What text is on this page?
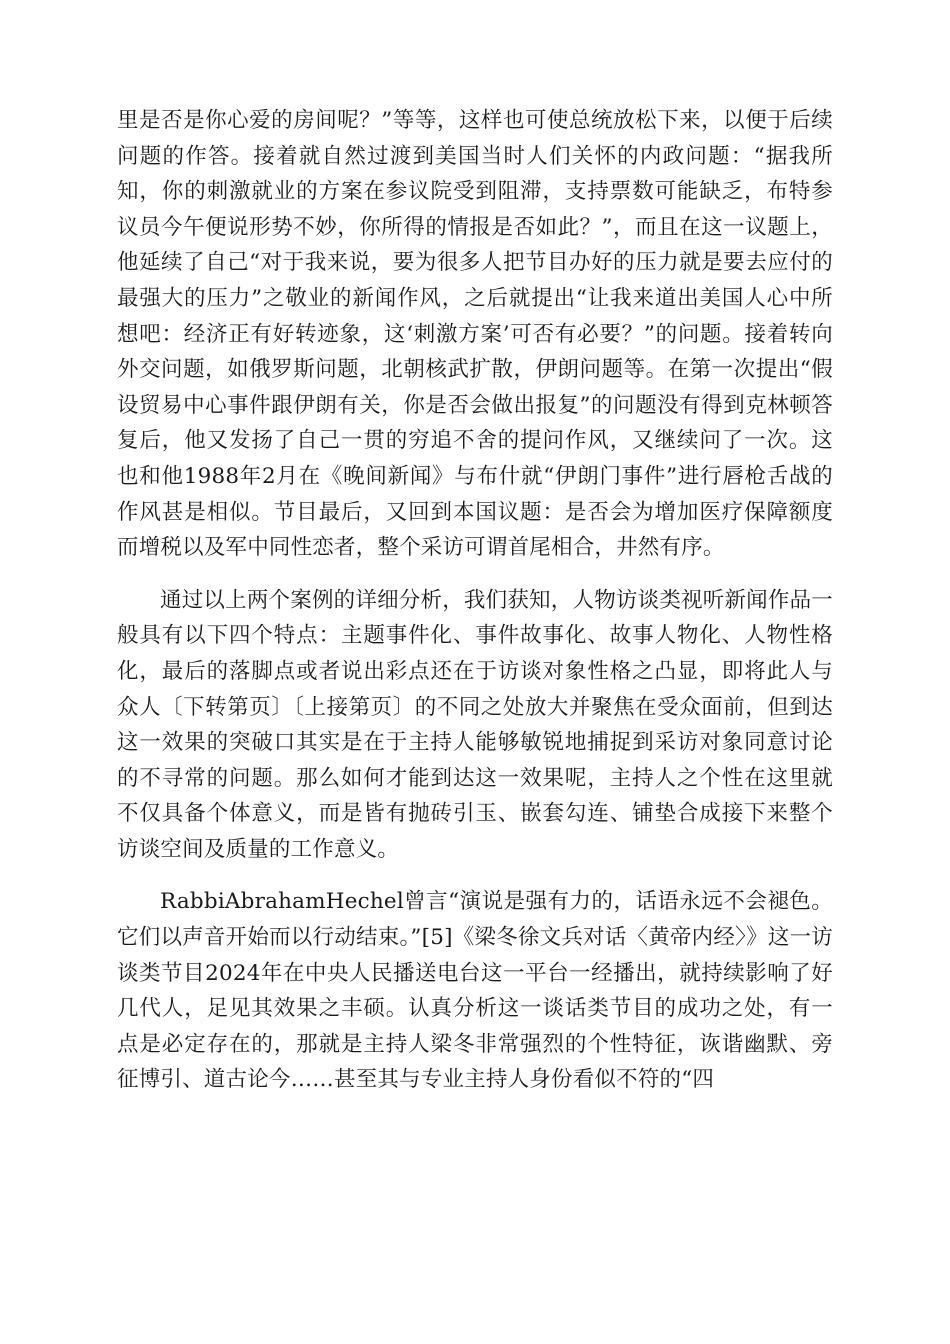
里是否是你心爱的房间呢？”等等，这样也可使总统放松下来，以便于后续问题的作答。接着就自然过渡到美国当时人们关怀的内政问题：“据我所知，你的刺激就业的方案在参议院受到阻滞，支持票数可能缺乏，布特参议员今午便说形势不妙，你所得的情报是否如此？”，而且在这一议题上，他延续了自己“对于我来说，要为很多人把节目办好的压力就是要去应付的最强大的压力”之敬业的新闻作风，之后就提出“让我来道出美国人心中所想吧：经济正有好转迹象，这‘刺激方案’可否有必要？”的问题。接着转向外交问题，如俄罗斯问题，北朝核武扩散，伊朗问题等。在第一次提出“假设贸易中心事件跟伊朗有关，你是否会做出报复”的问题没有得到克林顿答复后，他又发扬了自己一贯的穷追不舍的提问作风，又继续问了一次。这也和他1988年2月在《晚间新闻》与布什就“伊朗门事件”进行唇枪舌战的作风甚是相似。节目最后，又回到本国议题：是否会为增加医疗保障额度而增税以及军中同性恋者，整个采访可谓首尾相合，井然有序。

通过以上两个案例的详细分析，我们获知，人物访谈类视听新闻作品一般具有以下四个特点：主题事件化、事件故事化、故事人物化、人物性格化，最后的落脚点或者说出彩点还在于访谈对象性格之凸显，即将此人与众人〔下转第页〕〔上接第页〕的不同之处放大并聚焦在受众面前，但到达这一效果的突破口其实是在于主持人能够敏锐地捕捉到采访对象同意讨论的不寻常的问题。那么如何才能到达这一效果呢，主持人之个性在这里就不仅具备个体意义，而是皆有抛砖引玉、嵌套勾连、铺垫合成接下来整个访谈空间及质量的工作意义。

RabbiAbrahamHechel曾言“演说是强有力的，话语永远不会褪色。它们以声音开始而以行动结束。”[5]《梁冬徐文兵对话〈黄帝内经〉》这一访谈类节目2024年在中央人民播送电台这一平台一经播出，就持续影响了好几代人，足见其效果之丰硕。认真分析这一谈话类节目的成功之处，有一点是必定存在的，那就是主持人梁冬非常强烈的个性特征，诙谐幽默、旁征博引、道古论今……甚至其与专业主持人身份看似不符的“四
